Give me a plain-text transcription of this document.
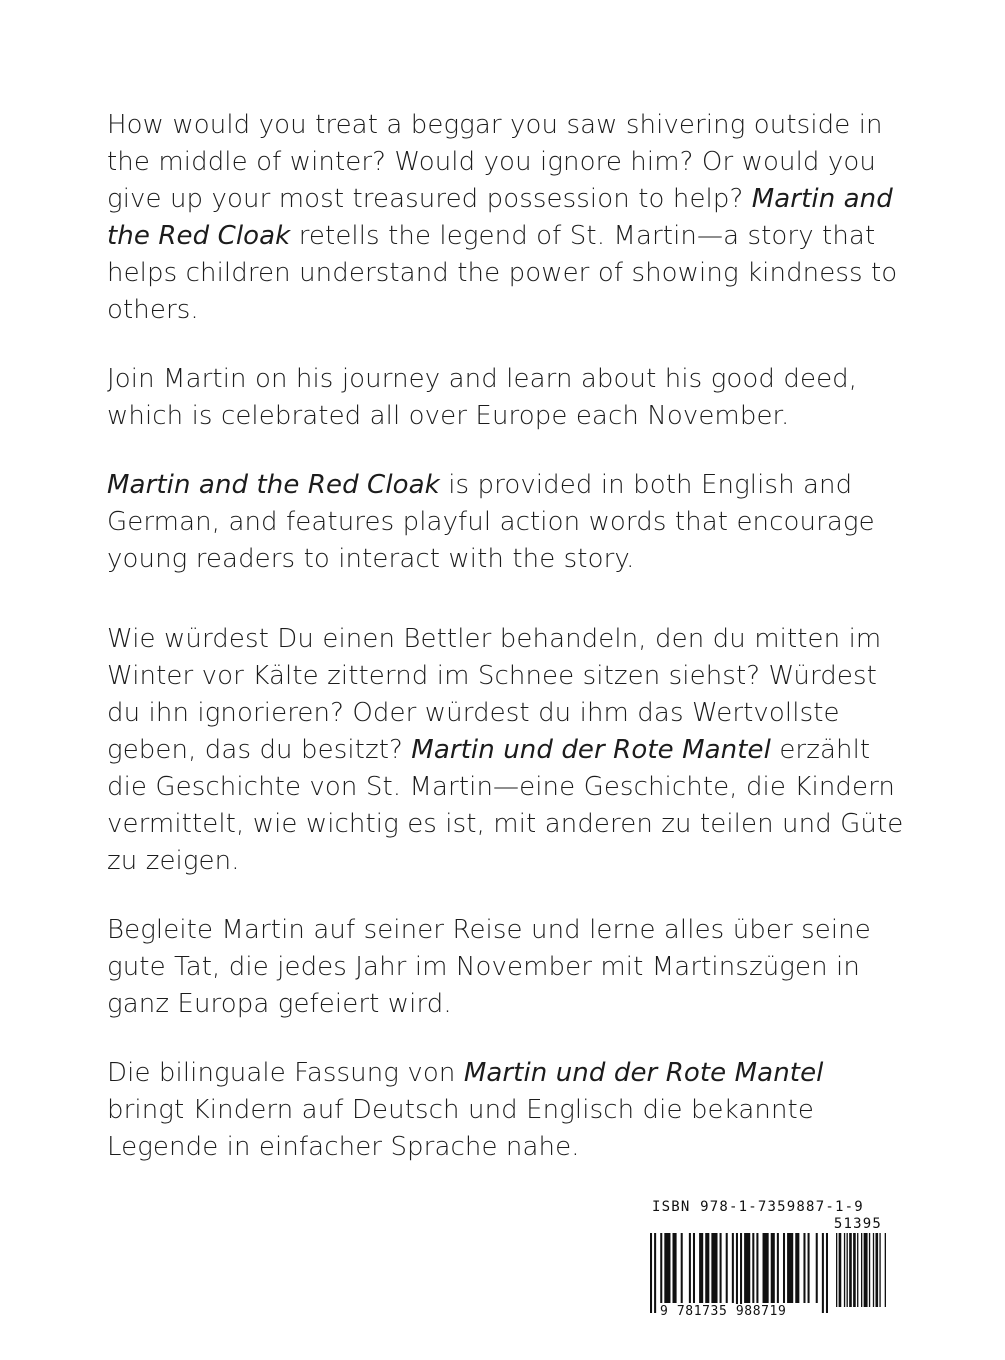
How would you treat a beggar you saw shivering outside in the middle of winter? Would you ignore him? Or would you give up your most treasured possession to help? Martin and the Red Cloak retells the legend of St. Martin—a story that helps children understand the power of showing kindness to others.

Join Martin on his journey and learn about his good deed, which is celebrated all over Europe each November.

Martin and the Red Cloak is provided in both English and German, and features playful action words that encourage young readers to interact with the story.

Wie würdest Du einen Bettler behandeln, den du mitten im Winter vor Kälte zitternd im Schnee sitzen siehst? Würdest du ihn ignorieren? Oder würdest du ihm das Wertvollste geben, das du besitzt? Martin und der Rote Mantel erzählt die Geschichte von St. Martin—eine Geschichte, die Kindern vermittelt, wie wichtig es ist, mit anderen zu teilen und Güte zu zeigen.

Begleite Martin auf seiner Reise und lerne alles über seine gute Tat, die jedes Jahr im November mit Martinszügen in ganz Europa gefeiert wird.

Die bilinguale Fassung von Martin und der Rote Mantel bringt Kindern auf Deutsch und Englisch die bekannte Legende in einfacher Sprache nahe.

ISBN 978-1-7359887-1-9
51395
9 781735 988719
